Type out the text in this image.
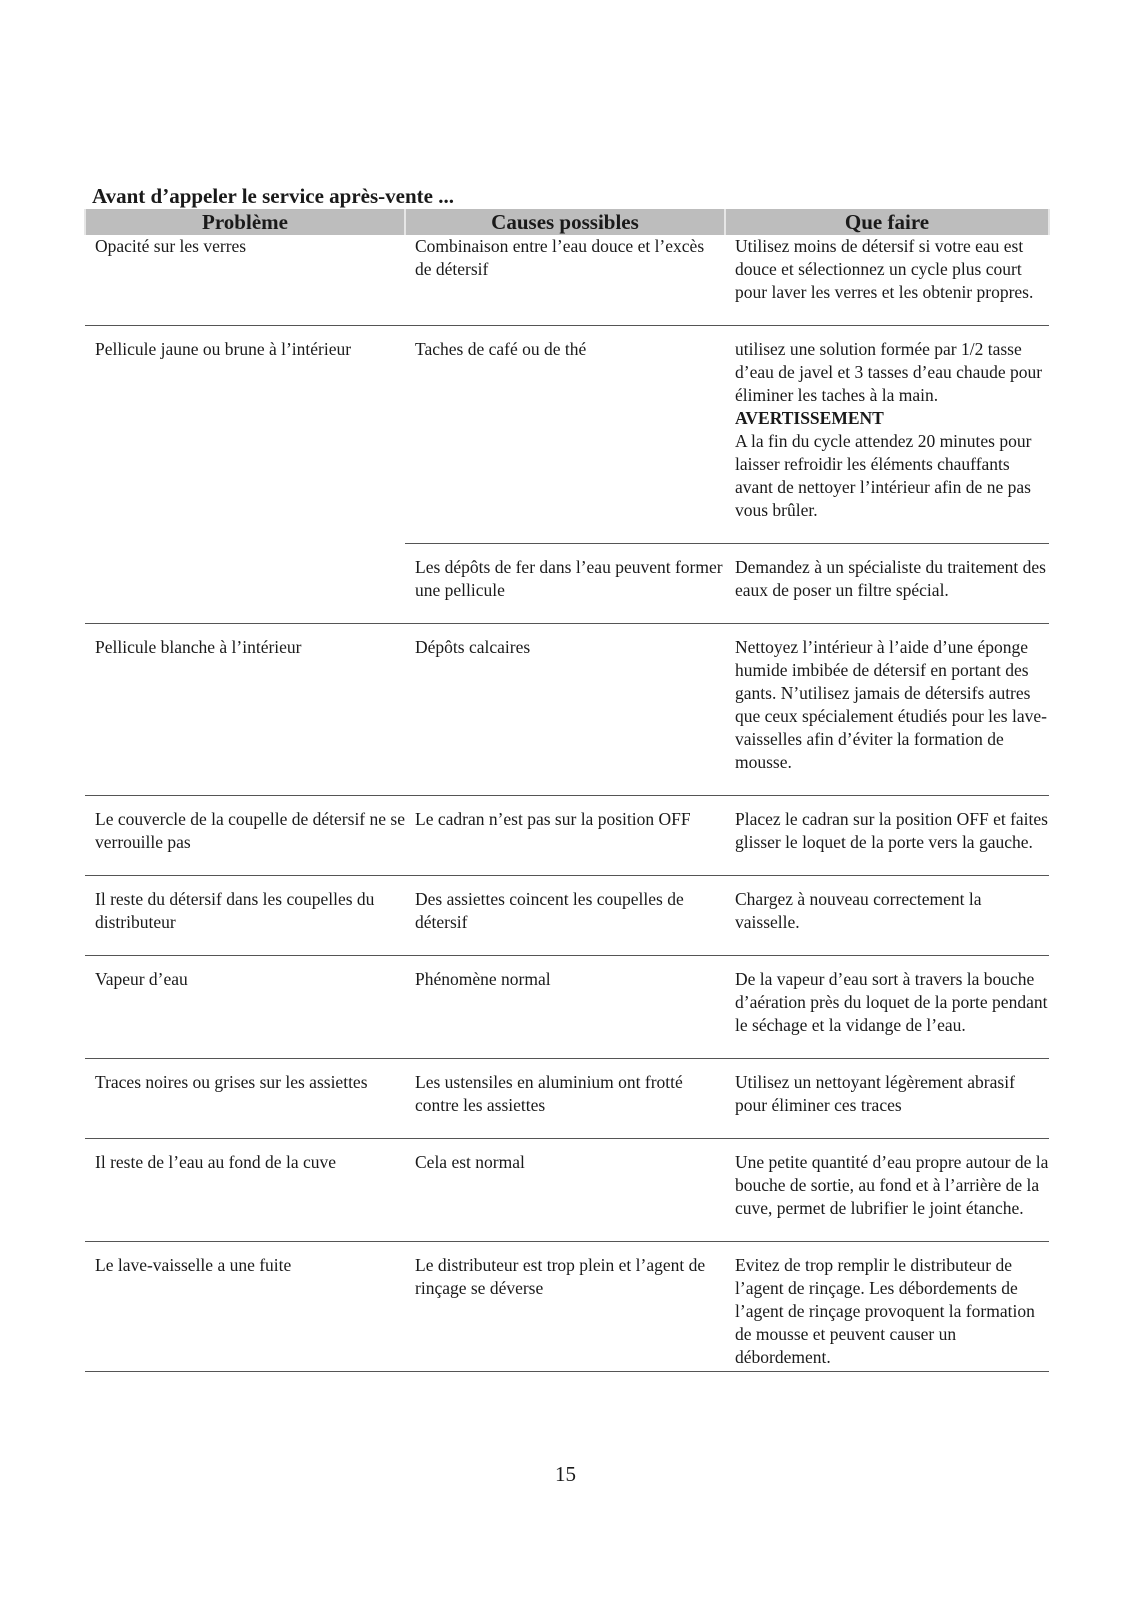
Avant d’appeler le service après-vente ...
Problème	Causes possibles	Que faire
Opacité sur les verres	Combinaison entre l’eau douce et l’excès de détersif	Utilisez moins de détersif si votre eau est douce et sélectionnez un cycle plus court pour laver les verres et les obtenir propres.
Pellicule jaune ou brune à l’intérieur	Taches de café ou de thé	utilisez une solution formée par 1/2 tasse d’eau de javel et 3 tasses d’eau chaude pour éliminer les taches à la main.
AVERTISSEMENT
A la fin du cycle attendez 20 minutes pour laisser refroidir les éléments chauffants avant de nettoyer l’intérieur afin de ne pas vous brûler.

	Les dépôts de fer dans l’eau peuvent former une pellicule	Demandez à un spécialiste du traitement des eaux de poser un filtre spécial.
Pellicule blanche à l’intérieur	Dépôts calcaires	Nettoyez l’intérieur à l’aide d’une éponge humide imbibée de détersif en portant des gants. N’utilisez jamais de détersifs autres que ceux spécialement étudiés pour les lave-vaisselles afin d’éviter la formation de mousse.
Le couvercle de la coupelle de détersif ne se verrouille pas	Le cadran n’est pas sur la position OFF	Placez le cadran sur la position OFF et faites glisser le loquet de la porte vers la gauche.
Il reste du détersif dans les coupelles du distributeur	Des assiettes coincent les coupelles de détersif	Chargez à nouveau correctement la vaisselle.
Vapeur d’eau	Phénomène normal	De la vapeur d’eau sort à travers la bouche d’aération près du loquet de la porte pendant le séchage et la vidange de l’eau.
Traces noires ou grises sur les assiettes	Les ustensiles en aluminium ont frotté contre les assiettes	Utilisez un nettoyant légèrement abrasif pour éliminer ces traces
Il reste de l’eau au fond de la cuve	Cela est normal	Une petite quantité d’eau propre autour de la bouche de sortie, au fond et à l’arrière de la cuve, permet de lubrifier le joint étanche.
Le lave-vaisselle a une fuite	Le distributeur est trop plein et l’agent de rinçage se déverse	Evitez de trop remplir le distributeur de l’agent de rinçage. Les débordements de l’agent de rinçage provoquent la formation de mousse et peuvent causer un débordement.

15
